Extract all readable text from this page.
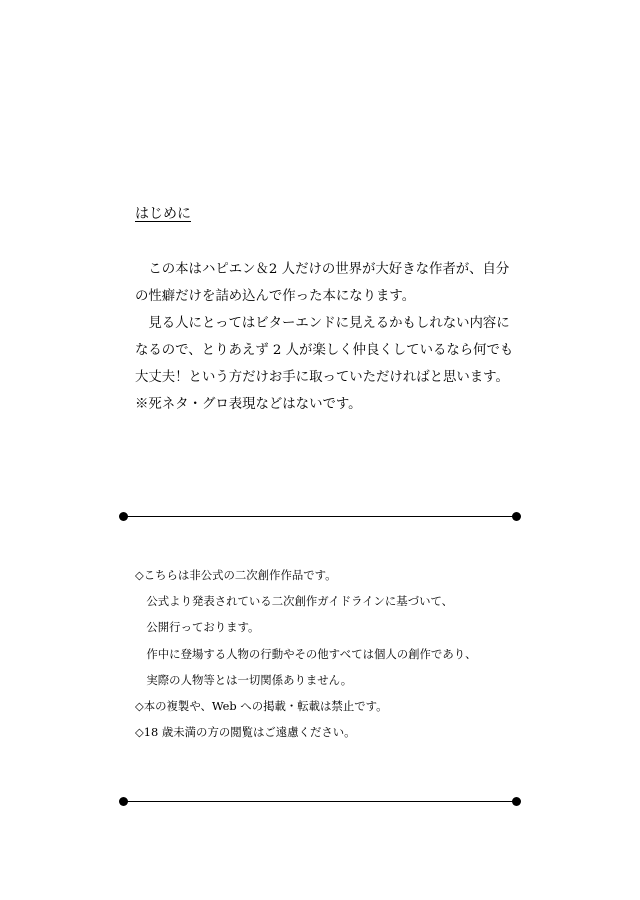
はじめに
　この本はハピエン＆2 人だけの世界が大好きな作者が、自分
の性癖だけを詰め込んで作った本になります。
　見る人にとってはビターエンドに見えるかもしれない内容に
なるので、とりあえず 2 人が楽しく仲良くしているなら何でも
大丈夫！という方だけお手に取っていただければと思います。
※死ネタ・グロ表現などはないです。
◇こちらは非公式の二次創作作品です。
　公式より発表されている二次創作ガイドラインに基づいて、
　公開行っております。
　作中に登場する人物の行動やその他すべては個人の創作であり、
　実際の人物等とは一切関係ありません。
◇本の複製や、Web への掲載・転載は禁止です。
◇18 歳未満の方の閲覧はご遠慮ください。
